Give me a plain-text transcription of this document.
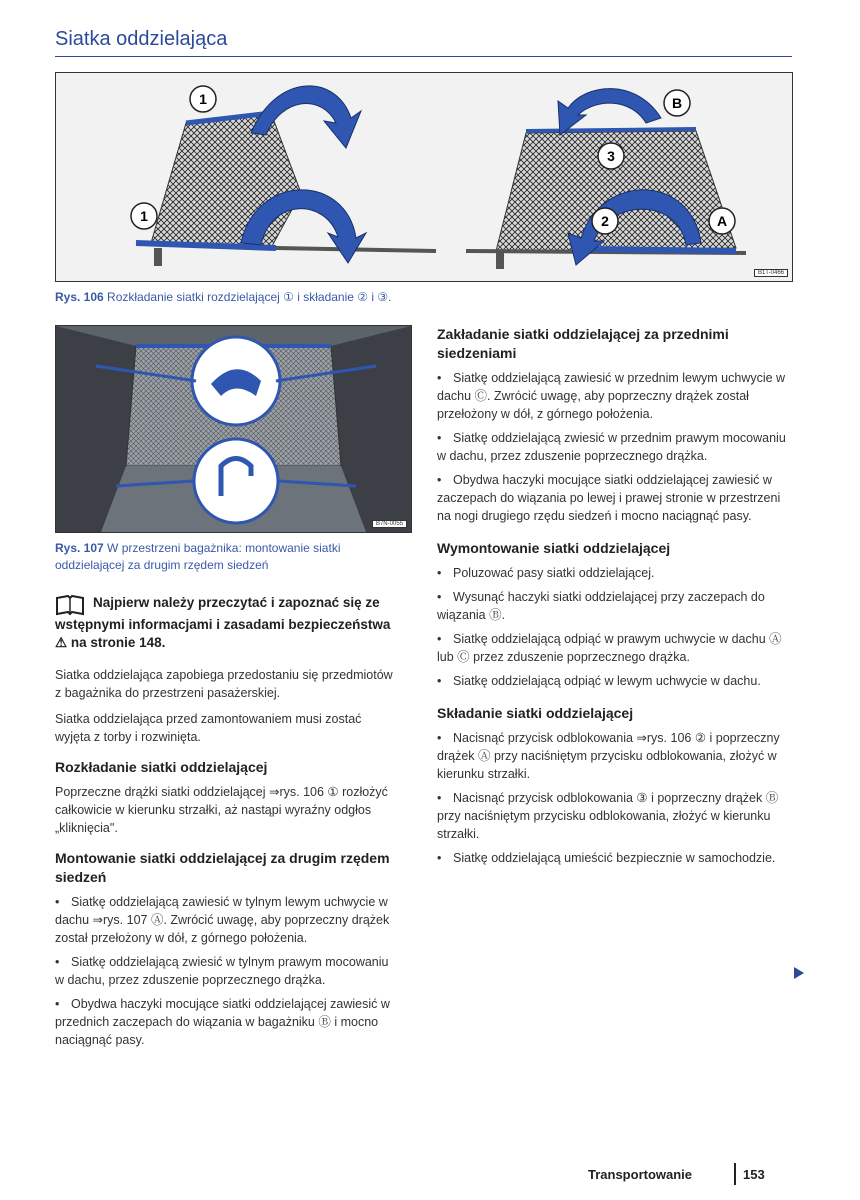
Siatka oddzielająca
1
1
B
3
2	A
B1T-0466
Rys. 106 Rozkładanie siatki rozdzielającej ① i składanie ② i ③.
B7N-0055
Rys. 107 W przestrzeni bagażnika: montowanie siatki oddzielającej za drugim rzędem siedzeń
Najpierw należy przeczytać i zapoznać się ze wstępnymi informacjami i zasadami bezpieczeństwa ⚠ na stronie 148.

Siatka oddzielająca zapobiega przedostaniu się przedmiotów z bagażnika do przestrzeni pasażerskiej.

Siatka oddzielająca przed zamontowaniem musi zostać wyjęta z torby i rozwinięta.

Rozkładanie siatki oddzielającej

Poprzeczne drążki siatki oddzielającej ⇒rys. 106 ① rozłożyć całkowicie w kierunku strzałki, aż nastąpi wyraźny odgłos „kliknięcia".

Montowanie siatki oddzielającej za drugim rzędem siedzeń
• Siatkę oddzielającą zawiesić w tylnym lewym uchwycie w dachu ⇒rys. 107 Ⓐ. Zwrócić uwagę, aby poprzeczny drążek został przełożony w dół, z górnego położenia.
• Siatkę oddzielającą zwiesić w tylnym prawym mocowaniu w dachu, przez zduszenie poprzecznego drążka.
• Obydwa haczyki mocujące siatki oddzielającej zawiesić w przednich zaczepach do wiązania w bagażniku Ⓑ i mocno naciągnąć pasy.
Zakładanie siatki oddzielającej za przednimi siedzeniami
• Siatkę oddzielającą zawiesić w przednim lewym uchwycie w dachu Ⓒ. Zwrócić uwagę, aby poprzeczny drążek został przełożony w dół, z górnego położenia.
• Siatkę oddzielającą zwiesić w przednim prawym mocowaniu w dachu, przez zduszenie poprzecznego drążka.
• Obydwa haczyki mocujące siatki oddzielającej zawiesić w zaczepach do wiązania po lewej i prawej stronie w przestrzeni na nogi drugiego rzędu siedzeń i mocno naciągnąć pasy.
Wymontowanie siatki oddzielającej
• Poluzować pasy siatki oddzielającej.
• Wysunąć haczyki siatki oddzielającej przy zaczepach do wiązania Ⓑ.
• Siatkę oddzielającą odpiąć w prawym uchwycie w dachu Ⓐ lub Ⓒ przez zduszenie poprzecznego drążka.
• Siatkę oddzielającą odpiąć w lewym uchwycie w dachu.
Składanie siatki oddzielającej
• Nacisnąć przycisk odblokowania ⇒rys. 106 ② i poprzeczny drążek Ⓐ przy naciśniętym przycisku odblokowania, złożyć w kierunku strzałki.
• Nacisnąć przycisk odblokowania ③ i poprzeczny drążek Ⓑ przy naciśniętym przycisku odblokowania, złożyć w kierunku strzałki.
• Siatkę oddzielającą umieścić bezpiecznie w samochodzie.
Transportowanie	153
